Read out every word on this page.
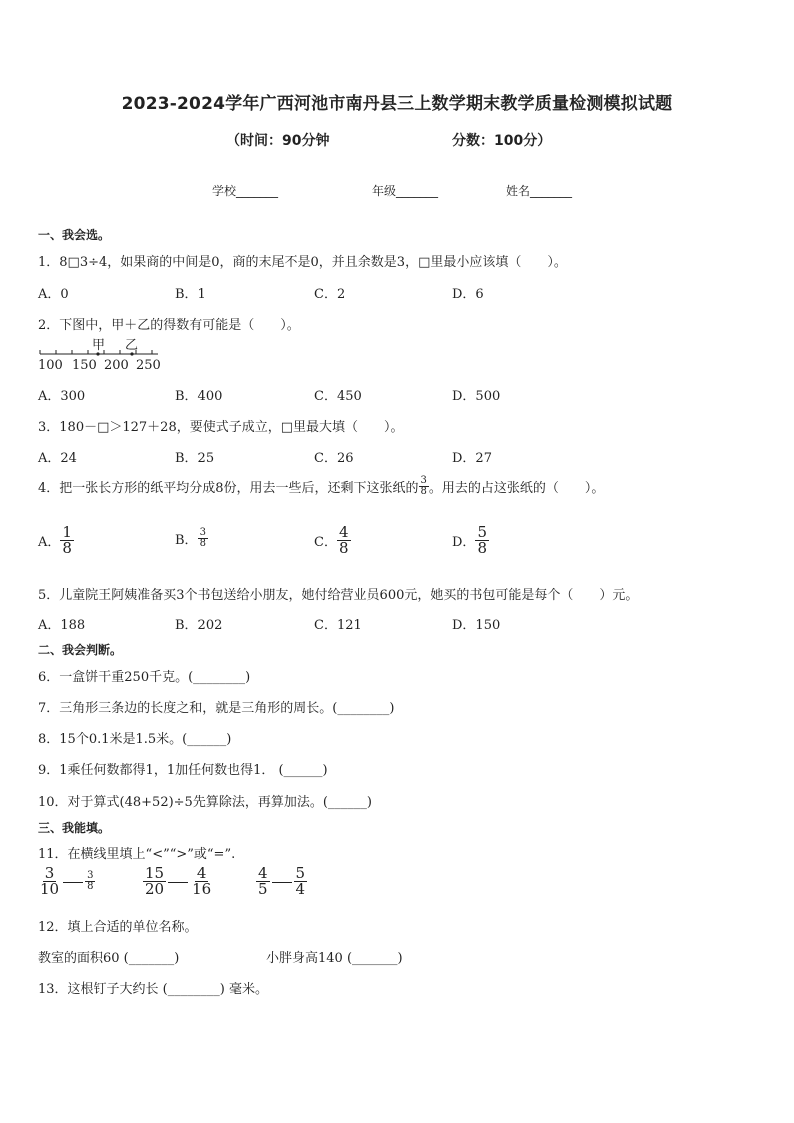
2023-2024学年广西河池市南丹县三上数学期末教学质量检测模拟试题
（时间：90分钟	分数：100分）
学校_______	年级_______	姓名_______
一、我会选。
1．8□3÷4，如果商的中间是0，商的末尾不是0，并且余数是3，□里最小应该填（　　）。
A．0	B．1	C．2	D．6
2．下图中，甲＋乙的得数有可能是（　　）。
甲 乙
100 150 200 250
A．300	B．400	C．450	D．500
3．180－□＞127＋28，要使式子成立，□里最大填（　　）。
A．24	B．25	C．26	D．27
4．把一张长方形的纸平均分成8份，用去一些后，还剩下这张纸的 $\frac{3}{8}$ 。用去的占这张纸的（　　）。
A． $\frac{1}{8}$	B． $\frac{3}{8}$	C． $\frac{4}{8}$	D． $\frac{5}{8}$
5．儿童院王阿姨准备买3个书包送给小朋友，她付给营业员600元，她买的书包可能是每个（　　）元。
A．188	B．202	C．121	D．150
二、我会判断。
6．一盒饼干重250千克。(________)
7．三角形三条边的长度之和，就是三角形的周长。(________)
8．15个0.1米是1.5米。(______)
9．1乘任何数都得1，1加任何数也得1． (______)
10．对于算式(48+52)÷5先算除法，再算加法。(______)
三、我能填。
11．在横线里填上“<”“>”或“=”.
$\frac{3}{10} \frac{3}{8}$	$\frac{15}{20} \frac{4}{16}$	$\frac{4}{5} \frac{5}{4}$
12．填上合适的单位名称。
教室的面积60 (_______)	小胖身高140 (_______)
13．这根钉子大约长 (________) 毫米。
